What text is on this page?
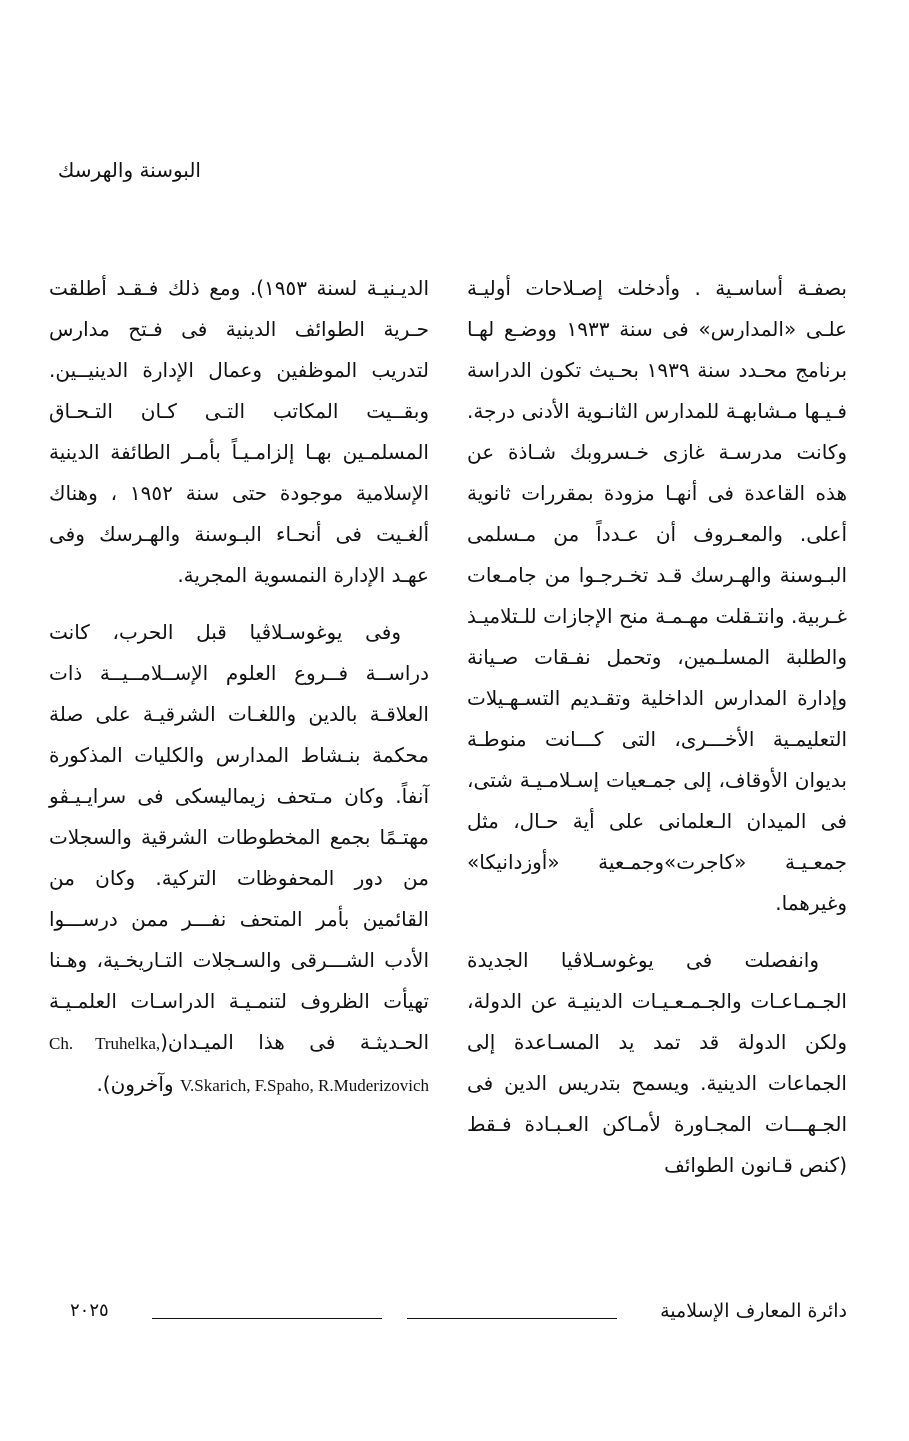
البوسنة والهرسك

بصفـة أساسـية . وأدخلت إصـلاحات أوليـة علـى «المدارس» فى سنة ١٩٣٣ ووضـع لهـا برنامج محـدد سنة ١٩٣٩ بحـيث تكون الدراسة فـيـها مـشابهـة للمدارس الثانـوية الأدنى درجة. وكانت مدرسـة غازى خـسروبك شـاذة عن هذه القاعدة فى أنهـا مزودة بمقررات ثانوية أعلى. والمعـروف أن عـدداً من مـسلمى البـوسنة والهـرسك قـد تخـرجـوا من جامـعات غـربية. وانتـقلت مهـمـة منح الإجازات للـتلاميـذ والطلبة المسلـمين، وتحمل نفـقات صـيانة وإدارة المدارس الداخلية وتقـديم التسـهـيلات التعليمـية الأخـــرى، التى كـــانت منوطـة بديوان الأوقاف، إلى جمـعيات إسـلامـيـة شتى، فى الميدان الـعلمانى على أية حـال، مثل جمعـيـة «كاجرت»وجمـعية «أوزدانيكا» وغيرهما.

وانفصلت فى يوغوسـلاڤيا الجديدة الجـمـاعـات والجـمـعـيـات الدينيـة عن الدولة، ولكن الدولة قد تمد يد المسـاعدة إلى الجماعات الدينية. ويسمح بتدريس الدين فى الجـهـــات المجـاورة لأمـاكن العـبـادة فـقط (كنص قـانون الطوائف

الديـنيـة لسنة ١٩٥٣). ومع ذلك فـقـد أطلقت حـرية الطوائف الدينية فى فـتح مدارس لتدريب الموظفين وعمال الإدارة الدينيــين. وبقــيت المكاتب التـى كـان التـحـاق المسلمـين بهـا إلزامـيـاً بأمـر الطائفة الدينية الإسلامية موجودة حتى سنة ١٩٥٢ ، وهناك ألغـيت فى أنحـاء البـوسنة والهـرسك وفى عهـد الإدارة النمسوية المجرية.

وفى يوغوسـلاڤيا قبل الحرب، كانت دراســة فــروع العلوم الإســلامــيــة ذات العلاقـة بالدين واللغـات الشرقيـة على صلة محكمة بنـشاط المدارس والكليات المذكورة آنفاً. وكان مـتحف زيماليسكى فى سرايـيـڤو مهتـمًا بجمع المخطوطات الشرقية والسجلات من دور المحفوظات التركية. وكان من القائمين بأمر المتحف نفـــر ممن درســـوا الأدب الشـــرقى والسـجلات التـاريخـية، وهـنا تهيأت الظروف لتنمـيـة الدراسـات العلمـيـة الحـديثـة فى هذا الميـدان(Ch. Truhelka, V.Skarich, F.Spaho, R.Muderizovich وآخرون).

دائرة المعارف الإسلامية
٢٠٢٥
